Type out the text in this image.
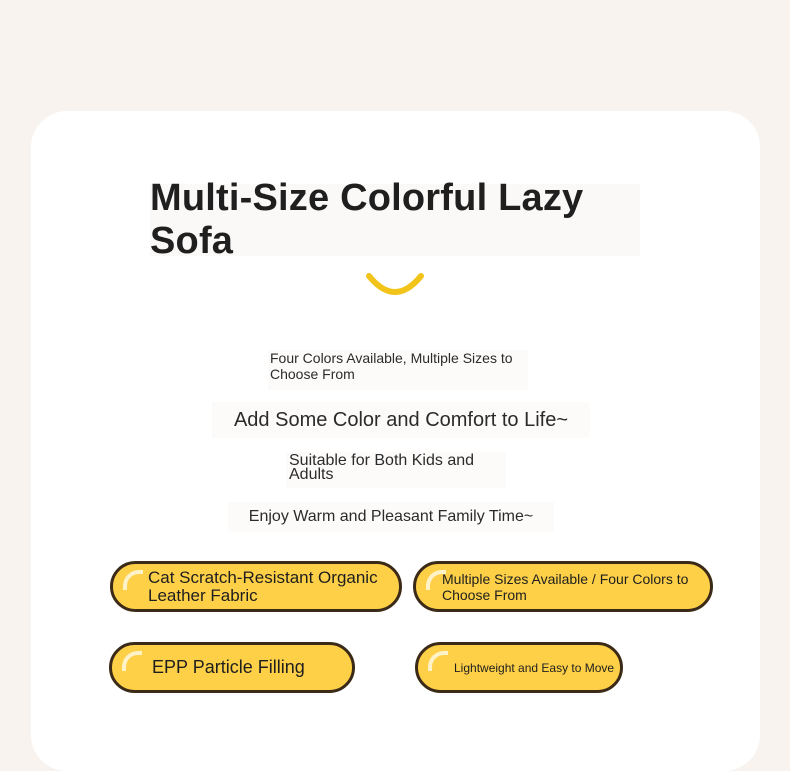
Multi-Size Colorful Lazy Sofa
Four Colors Available, Multiple Sizes to Choose From
Add Some Color and Comfort to Life~
Suitable for Both Kids and Adults
Enjoy Warm and Pleasant Family Time~
Cat Scratch-Resistant Organic Leather Fabric
Multiple Sizes Available / Four Colors to Choose From
EPP Particle Filling	Lightweight and Easy to Move
